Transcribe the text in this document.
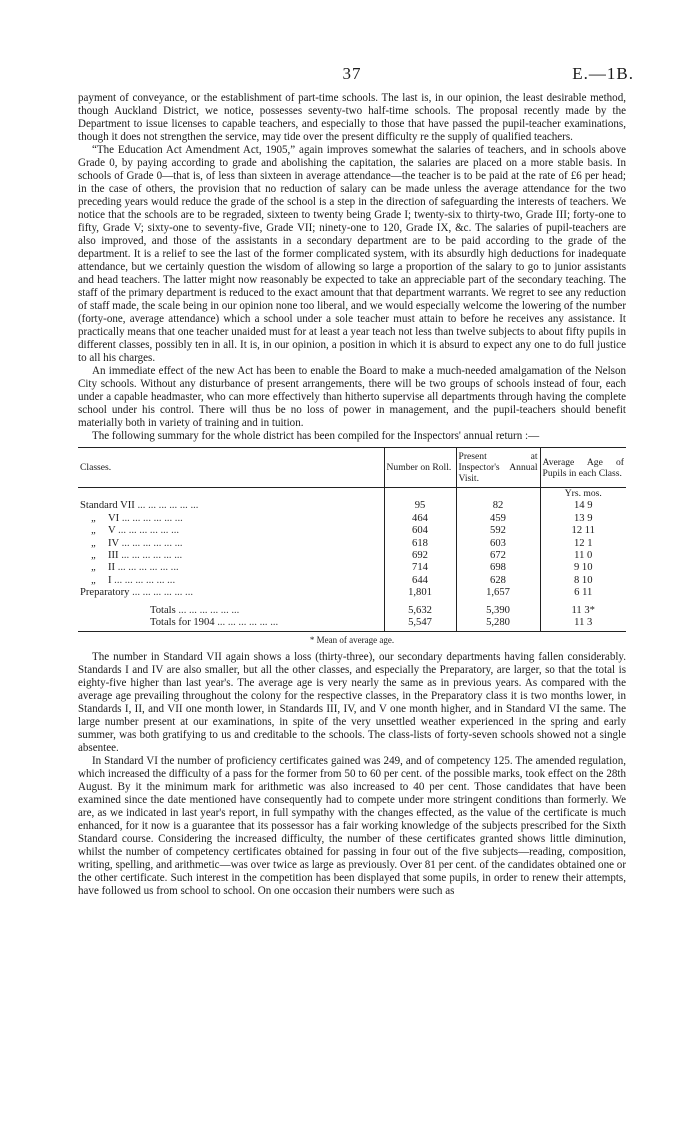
37	E.—1B.

payment of conveyance, or the establishment of part-time schools. The last is, in our opinion, the least desirable method, though Auckland District, we notice, possesses seventy-two half-time schools. The proposal recently made by the Department to issue licenses to capable teachers, and especially to those that have passed the pupil-teacher examinations, though it does not strengthen the service, may tide over the present difficulty re the supply of qualified teachers.

“The Education Act Amendment Act, 1905,” again improves somewhat the salaries of teachers, and in schools above Grade 0, by paying according to grade and abolishing the capitation, the salaries are placed on a more stable basis. In schools of Grade 0—that is, of less than sixteen in average attendance—the teacher is to be paid at the rate of £6 per head; in the case of others, the provision that no reduction of salary can be made unless the average attendance for the two preceding years would reduce the grade of the school is a step in the direction of safeguarding the interests of teachers. We notice that the schools are to be regraded, sixteen to twenty being Grade I; twenty-six to thirty-two, Grade III; forty-one to fifty, Grade V; sixty-one to seventy-five, Grade VII; ninety-one to 120, Grade IX, &c. The salaries of pupil-teachers are also improved, and those of the assistants in a secondary department are to be paid according to the grade of the department. It is a relief to see the last of the former complicated system, with its absurdly high deductions for inadequate attendance, but we certainly question the wisdom of allowing so large a proportion of the salary to go to junior assistants and head teachers. The latter might now reasonably be expected to take an appreciable part of the secondary teaching. The staff of the primary department is reduced to the exact amount that that department warrants. We regret to see any reduction of staff made, the scale being in our opinion none too liberal, and we would especially welcome the lowering of the number (forty-one, average attendance) which a school under a sole teacher must attain to before he receives any assistance. It practically means that one teacher unaided must for at least a year teach not less than twelve subjects to about fifty pupils in different classes, possibly ten in all. It is, in our opinion, a position in which it is absurd to expect any one to do full justice to all his charges.

An immediate effect of the new Act has been to enable the Board to make a much-needed amalgamation of the Nelson City schools. Without any disturbance of present arrangements, there will be two groups of schools instead of four, each under a capable headmaster, who can more effectively than hitherto supervise all departments through having the complete school under his control. There will thus be no loss of power in management, and the pupil-teachers should benefit materially both in variety of training and in tuition.

The following summary for the whole district has been compiled for the Inspectors' annual return :—

Classes.	Number on Roll.	Present at Inspector's Annual Visit.	Average Age of Pupils in each Class.
			Yrs. mos.
Standard VII ... ... ... ... ... ...	95	82	14 9
„ VI ... ... ... ... ... ...	464	459	13 9
„ V ... ... ... ... ... ...	604	592	12 11
„ IV ... ... ... ... ... ...	618	603	12 1
„ III ... ... ... ... ... ...	692	672	11 0
„ II ... ... ... ... ... ...	714	698	9 10
„ I ... ... ... ... ... ...	644	628	8 10
Preparatory ... ... ... ... ... ...	1,801	1,657	6 11

Totals ... ... ... ... ... ...	5,632	5,390	11 3*
Totals for 1904 ... ... ... ... ... ...	5,547	5,280	11 3
* Mean of average age.

The number in Standard VII again shows a loss (thirty-three), our secondary departments having fallen considerably. Standards I and IV are also smaller, but all the other classes, and especially the Preparatory, are larger, so that the total is eighty-five higher than last year's. The average age is very nearly the same as in previous years. As compared with the average age prevailing throughout the colony for the respective classes, in the Preparatory class it is two months lower, in Standards I, II, and VII one month lower, in Standards III, IV, and V one month higher, and in Standard VI the same. The large number present at our examinations, in spite of the very unsettled weather experienced in the spring and early summer, was both gratifying to us and creditable to the schools. The class-lists of forty-seven schools showed not a single absentee.

In Standard VI the number of proficiency certificates gained was 249, and of competency 125. The amended regulation, which increased the difficulty of a pass for the former from 50 to 60 per cent. of the possible marks, took effect on the 28th August. By it the minimum mark for arithmetic was also increased to 40 per cent. Those candidates that have been examined since the date mentioned have consequently had to compete under more stringent conditions than formerly. We are, as we indicated in last year's report, in full sympathy with the changes effected, as the value of the certificate is much enhanced, for it now is a guarantee that its possessor has a fair working knowledge of the subjects prescribed for the Sixth Standard course. Considering the increased difficulty, the number of these certificates granted shows little diminution, whilst the number of competency certificates obtained for passing in four out of the five subjects—reading, composition, writing, spelling, and arithmetic—was over twice as large as previously. Over 81 per cent. of the candidates obtained one or the other certificate. Such interest in the competition has been displayed that some pupils, in order to renew their attempts, have followed us from school to school. On one occasion their numbers were such as
